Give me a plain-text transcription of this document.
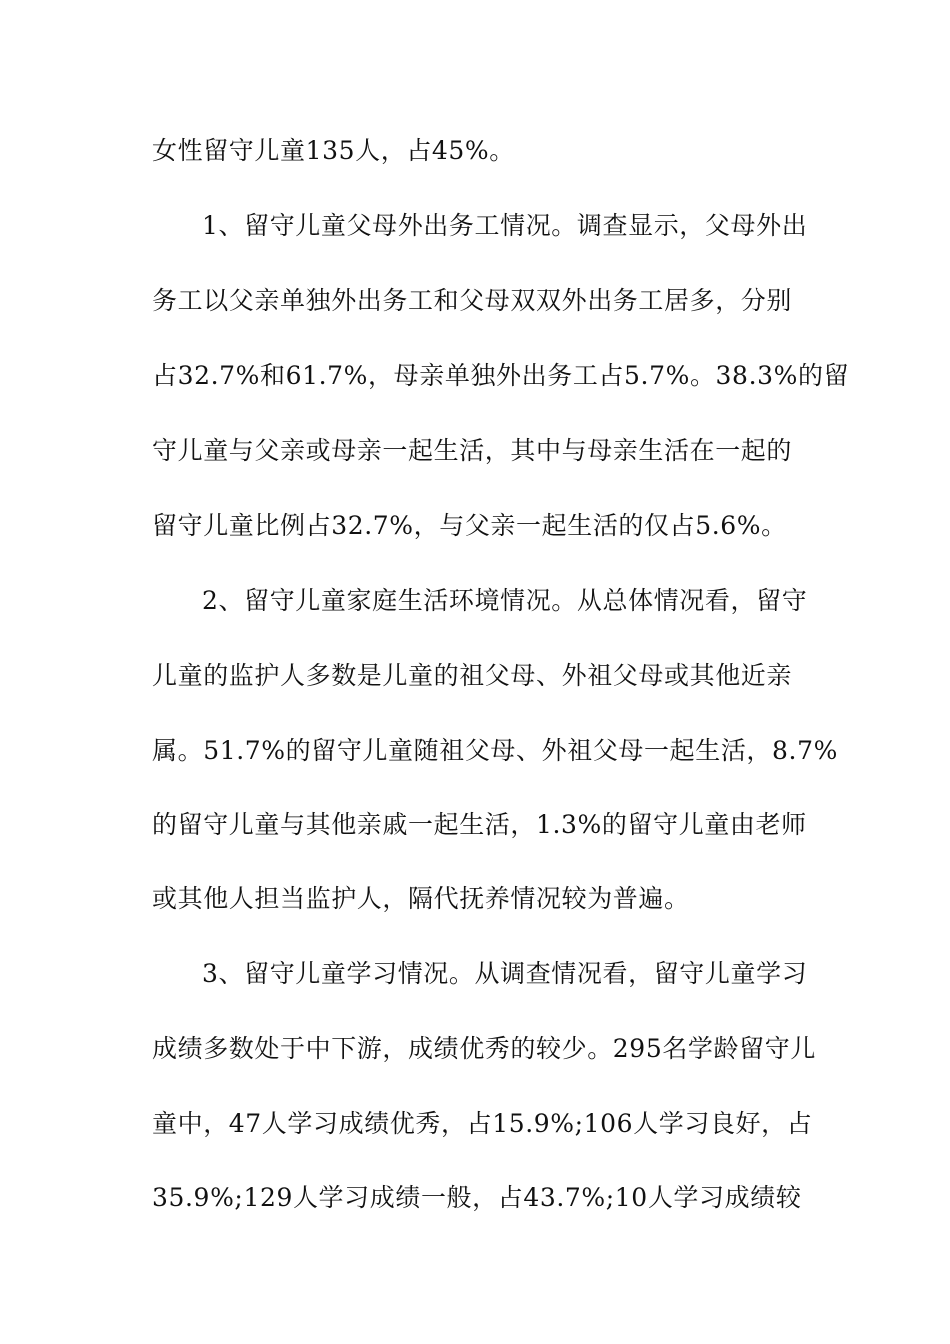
女性留守儿童135人，占45%。
1、留守儿童父母外出务工情况。调查显示，父母外出
务工以父亲单独外出务工和父母双双外出务工居多，分别
占32.7%和61.7%，母亲单独外出务工占5.7%。38.3%的留
守儿童与父亲或母亲一起生活，其中与母亲生活在一起的
留守儿童比例占32.7%，与父亲一起生活的仅占5.6%。
2、留守儿童家庭生活环境情况。从总体情况看，留守
儿童的监护人多数是儿童的祖父母、外祖父母或其他近亲
属。51.7%的留守儿童随祖父母、外祖父母一起生活，8.7%
的留守儿童与其他亲戚一起生活，1.3%的留守儿童由老师
或其他人担当监护人，隔代抚养情况较为普遍。
3、留守儿童学习情况。从调查情况看，留守儿童学习
成绩多数处于中下游，成绩优秀的较少。295名学龄留守儿
童中，47人学习成绩优秀，占15.9%;106人学习良好，占
35.9%;129人学习成绩一般，占43.7%;10人学习成绩较
